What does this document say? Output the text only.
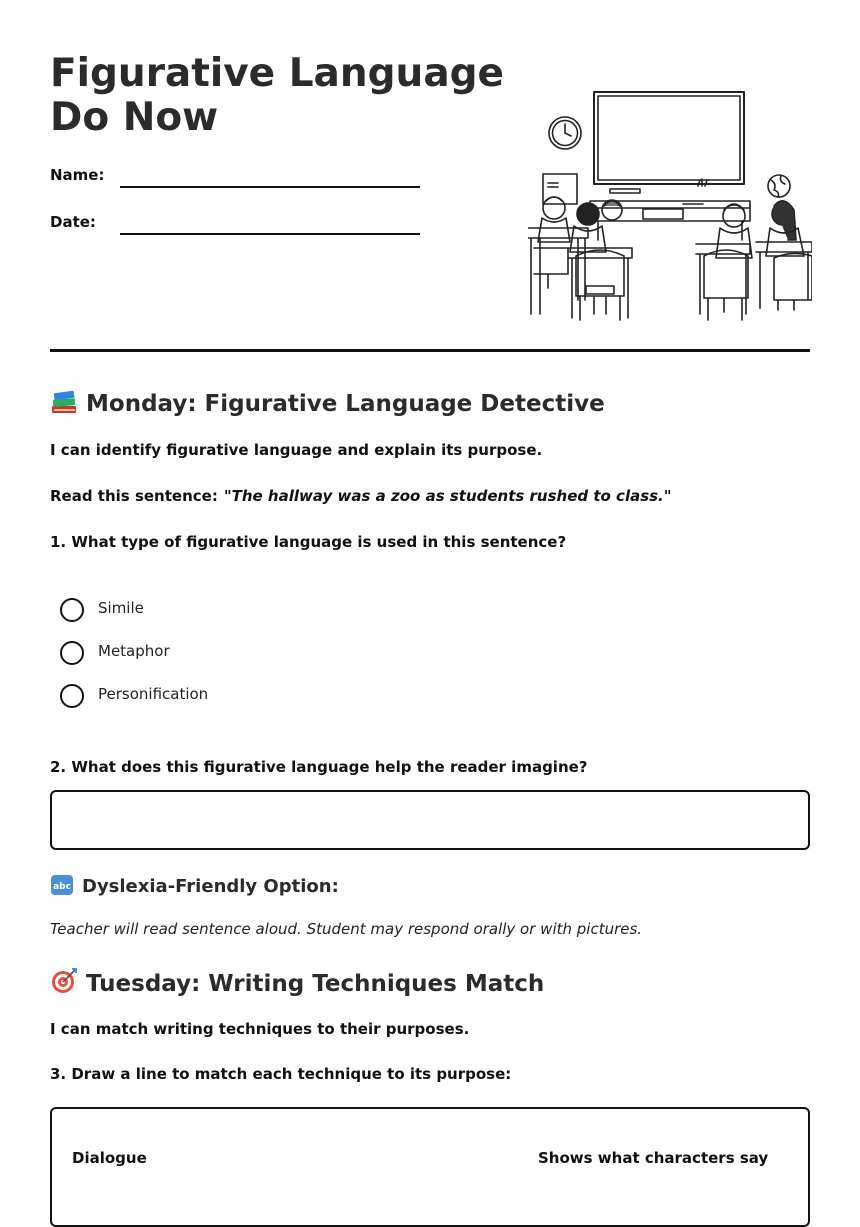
Figurative Language Do Now
Name:
Date:
Monday: Figurative Language Detective
I can identify figurative language and explain its purpose.
Read this sentence: "The hallway was a zoo as students rushed to class."
1. What type of figurative language is used in this sentence?
Simile
Metaphor
Personification
2. What does this figurative language help the reader imagine?
abc Dyslexia-Friendly Option:
Teacher will read sentence aloud. Student may respond orally or with pictures.
Tuesday: Writing Techniques Match
I can match writing techniques to their purposes.
3. Draw a line to match each technique to its purpose:
Dialogue	Shows what characters say
